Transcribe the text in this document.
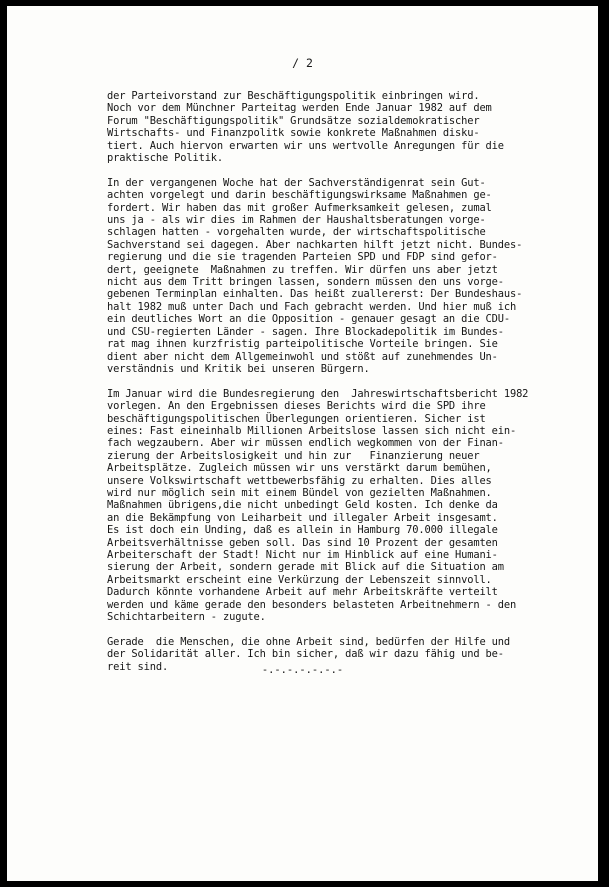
/ 2
der Parteivorstand zur Beschäftigungspolitik einbringen wird.
Noch vor dem Münchner Parteitag werden Ende Januar 1982 auf dem
Forum "Beschäftigungspolitik" Grundsätze sozialdemokratischer
Wirtschafts- und Finanzpolitk sowie konkrete Maßnahmen disku-
tiert. Auch hiervon erwarten wir uns wertvolle Anregungen für die
praktische Politik.
In der vergangenen Woche hat der Sachverständigenrat sein Gut-
achten vorgelegt und darin beschäftigungswirksame Maßnahmen ge-
fordert. Wir haben das mit großer Aufmerksamkeit gelesen, zumal
uns ja - als wir dies im Rahmen der Haushaltsberatungen vorge-
schlagen hatten - vorgehalten wurde, der wirtschaftspolitische
Sachverstand sei dagegen. Aber nachkarten hilft jetzt nicht. Bundes-
regierung und die sie tragenden Parteien SPD und FDP sind gefor-
dert, geeignete  Maßnahmen zu treffen. Wir dürfen uns aber jetzt
nicht aus dem Tritt bringen lassen, sondern müssen den uns vorge-
gebenen Terminplan einhalten. Das heißt zuallererst: Der Bundeshaus-
halt 1982 muß unter Dach und Fach gebracht werden. Und hier muß ich
ein deutliches Wort an die Opposition - genauer gesagt an die CDU-
und CSU-regierten Länder - sagen. Ihre Blockadepolitik im Bundes-
rat mag ihnen kurzfristig parteipolitische Vorteile bringen. Sie
dient aber nicht dem Allgemeinwohl und stößt auf zunehmendes Un-
verständnis und Kritik bei unseren Bürgern.
Im Januar wird die Bundesregierung den  Jahreswirtschaftsbericht 1982
vorlegen. An den Ergebnissen dieses Berichts wird die SPD ihre
beschäftigungspolitischen Überlegungen orientieren. Sicher ist
eines: Fast eineinhalb Millionen Arbeitslose lassen sich nicht ein-
fach wegzaubern. Aber wir müssen endlich wegkommen von der Finan-
zierung der Arbeitslosigkeit und hin zur   Finanzierung neuer
Arbeitsplätze. Zugleich müssen wir uns verstärkt darum bemühen,
unsere Volkswirtschaft wettbewerbsfähig zu erhalten. Dies alles
wird nur möglich sein mit einem Bündel von gezielten Maßnahmen.
Maßnahmen übrigens,die nicht unbedingt Geld kosten. Ich denke da
an die Bekämpfung von Leiharbeit und illegaler Arbeit insgesamt.
Es ist doch ein Unding, daß es allein in Hamburg 70.000 illegale
Arbeitsverhältnisse geben soll. Das sind 10 Prozent der gesamten
Arbeiterschaft der Stadt! Nicht nur im Hinblick auf eine Humani-
sierung der Arbeit, sondern gerade mit Blick auf die Situation am
Arbeitsmarkt erscheint eine Verkürzung der Lebenszeit sinnvoll.
Dadurch könnte vorhandene Arbeit auf mehr Arbeitskräfte verteilt
werden und käme gerade den besonders belasteten Arbeitnehmern - den
Schichtarbeitern - zugute.
Gerade  die Menschen, die ohne Arbeit sind, bedürfen der Hilfe und
der Solidarität aller. Ich bin sicher, daß wir dazu fähig und be-
reit sind.	-.-.-.-.-.-.-
